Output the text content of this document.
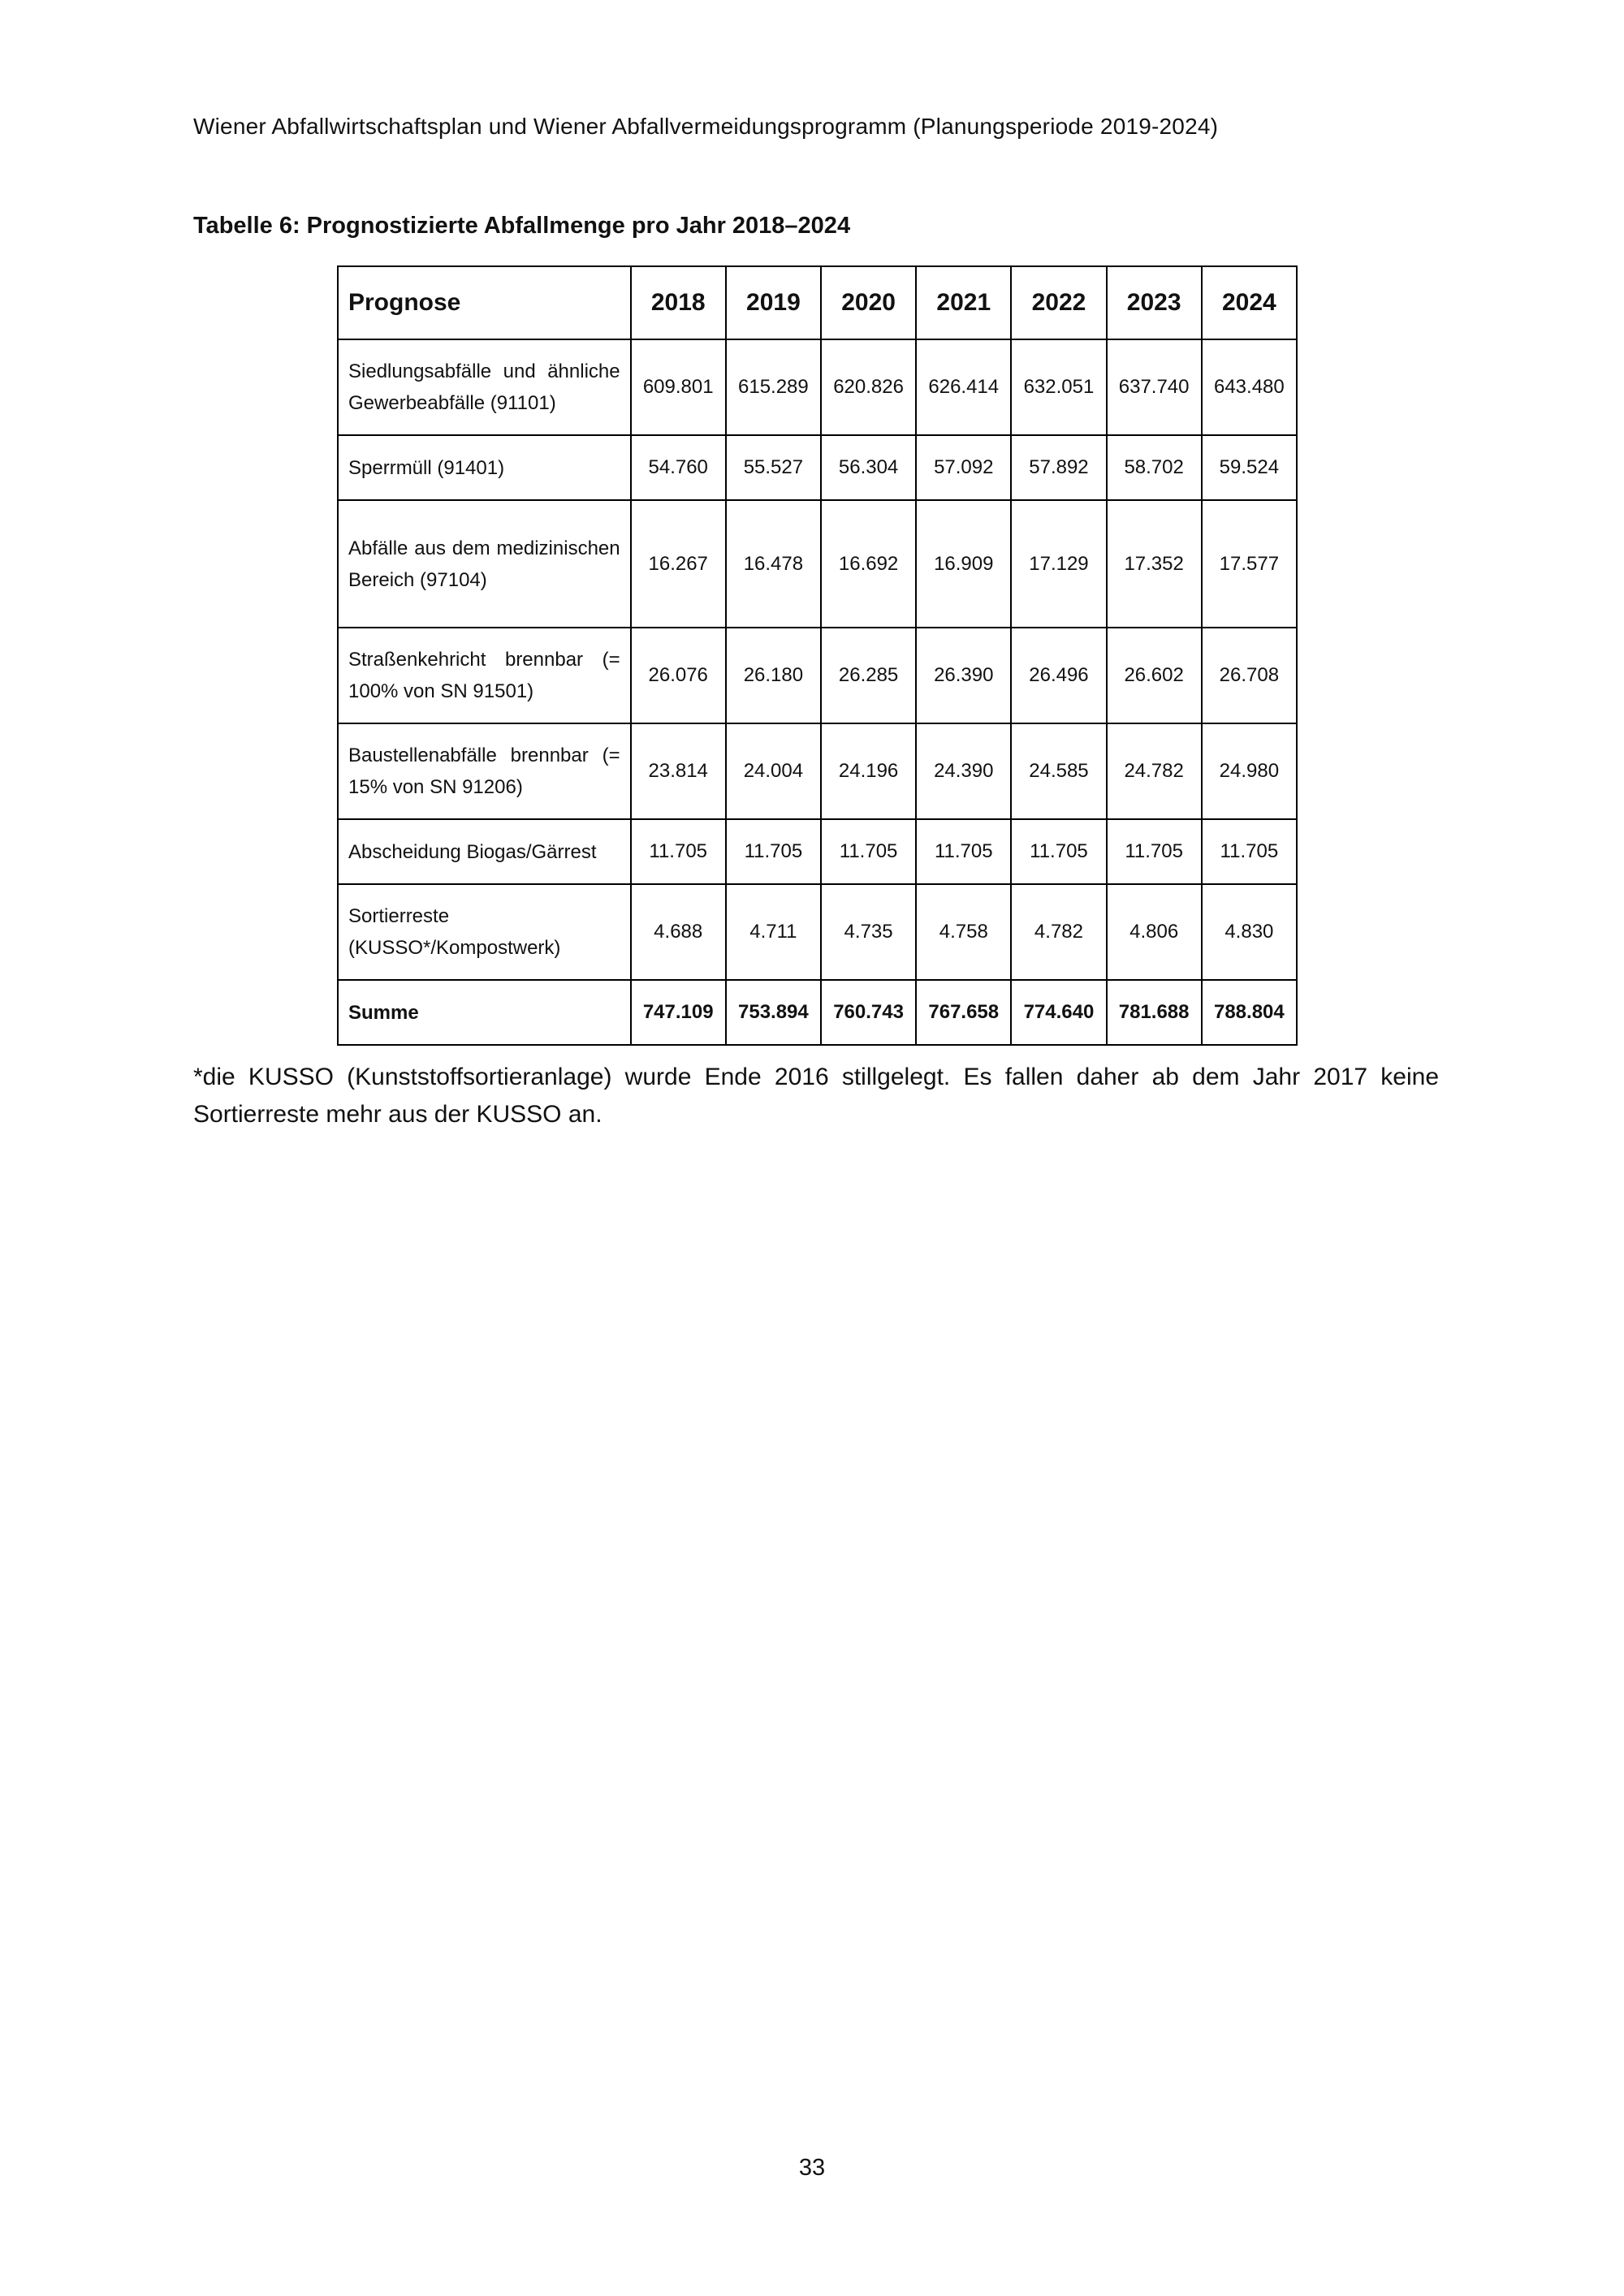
Wiener Abfallwirtschaftsplan und Wiener Abfallvermeidungsprogramm (Planungsperiode 2019-2024)
Tabelle 6: Prognostizierte Abfallmenge pro Jahr 2018–2024
Prognose	2018	2019	2020	2021	2022	2023	2024
Siedlungsabfälle und ähnliche Gewerbeabfälle (91101)	609.801	615.289	620.826	626.414	632.051	637.740	643.480
Sperrmüll (91401)	54.760	55.527	56.304	57.092	57.892	58.702	59.524
Abfälle aus dem medizinischen Bereich (97104)	16.267	16.478	16.692	16.909	17.129	17.352	17.577
Straßenkehricht brennbar (= 100% von SN 91501)	26.076	26.180	26.285	26.390	26.496	26.602	26.708
Baustellenabfälle brennbar (= 15% von SN 91206)	23.814	24.004	24.196	24.390	24.585	24.782	24.980
Abscheidung Biogas/Gärrest	11.705	11.705	11.705	11.705	11.705	11.705	11.705
Sortierreste (KUSSO*/Kompostwerk)	4.688	4.711	4.735	4.758	4.782	4.806	4.830
Summe	747.109	753.894	760.743	767.658	774.640	781.688	788.804
*die KUSSO (Kunststoffsortieranlage) wurde Ende 2016 stillgelegt. Es fallen daher ab dem Jahr 2017 keine Sortierreste mehr aus der KUSSO an.
33
